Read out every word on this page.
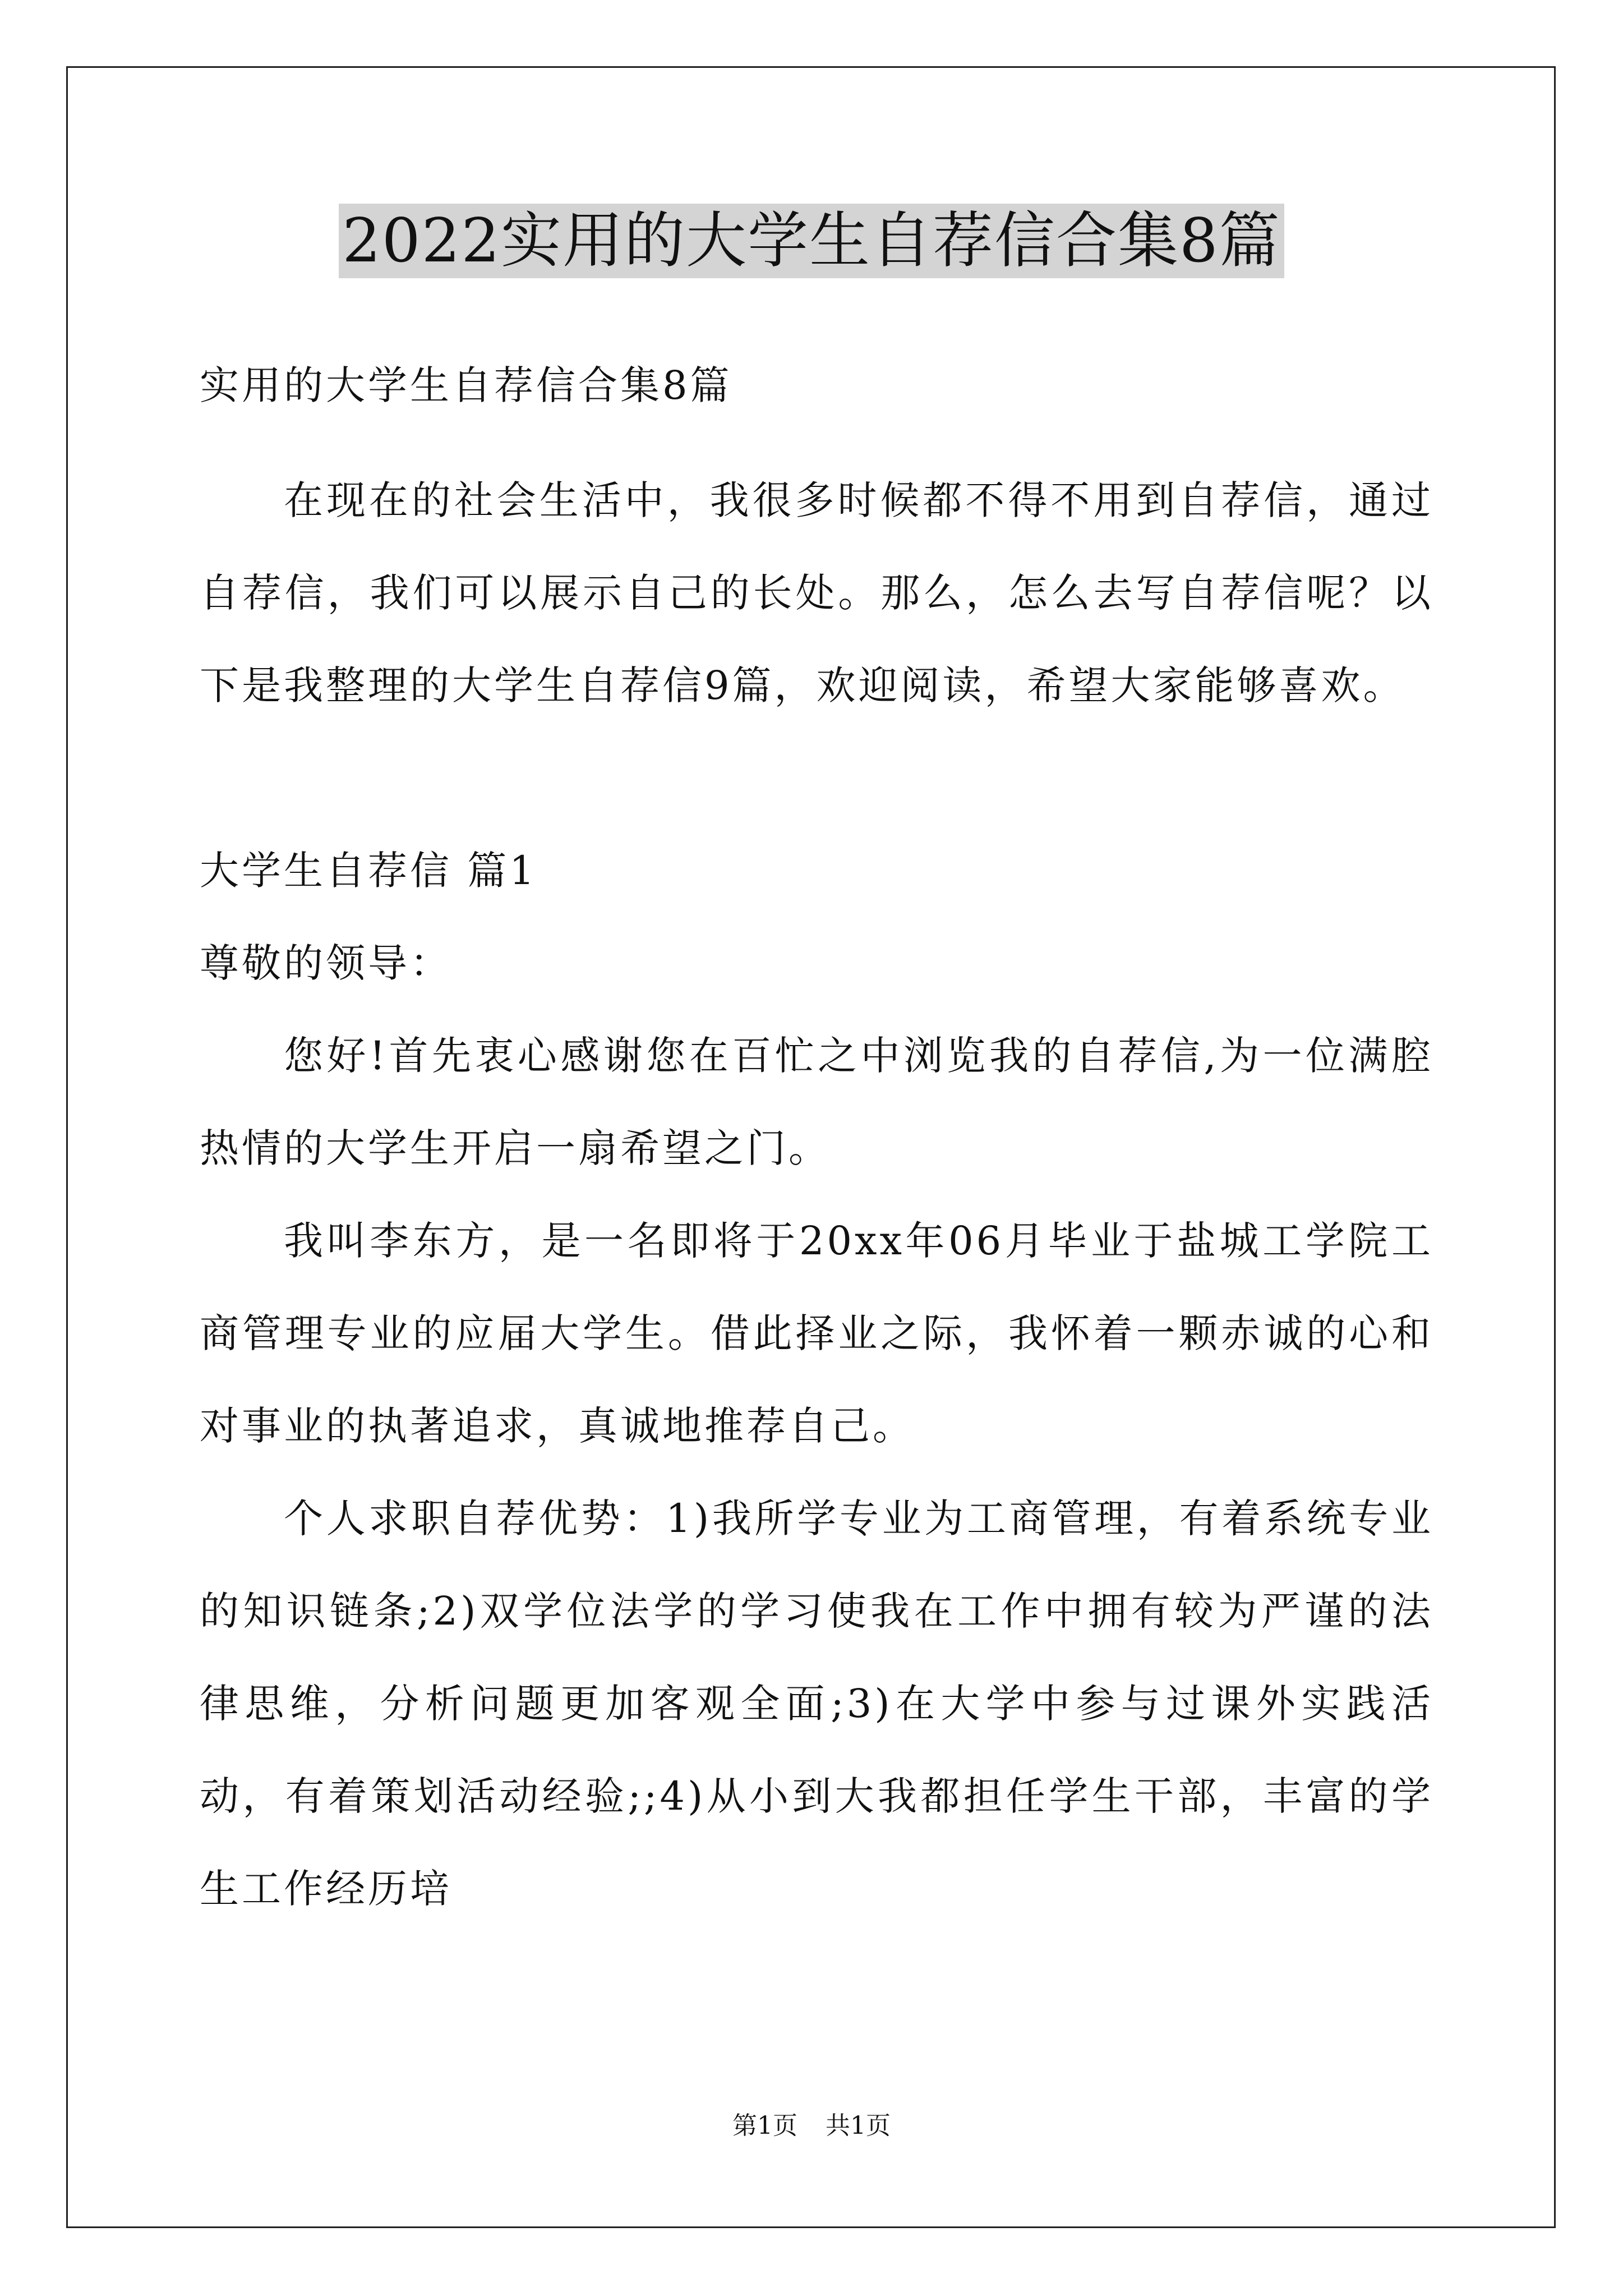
2022实用的大学生自荐信合集8篇

实用的大学生自荐信合集8篇

在现在的社会生活中，我很多时候都不得不用到自荐信，通过自荐信，我们可以展示自己的长处。那么，怎么去写自荐信呢？以下是我整理的大学生自荐信9篇，欢迎阅读，希望大家能够喜欢。

大学生自荐信 篇1

尊敬的领导：

您好!首先衷心感谢您在百忙之中浏览我的自荐信,为一位满腔热情的大学生开启一扇希望之门。

我叫李东方，是一名即将于20xx年06月毕业于盐城工学院工商管理专业的应届大学生。借此择业之际，我怀着一颗赤诚的心和对事业的执著追求，真诚地推荐自己。

个人求职自荐优势：1)我所学专业为工商管理，有着系统专业的知识链条;2)双学位法学的学习使我在工作中拥有较为严谨的法律思维，分析问题更加客观全面;3)在大学中参与过课外实践活动，有着策划活动经验;;4)从小到大我都担任学生干部，丰富的学生工作经历培

第1页 共1页
